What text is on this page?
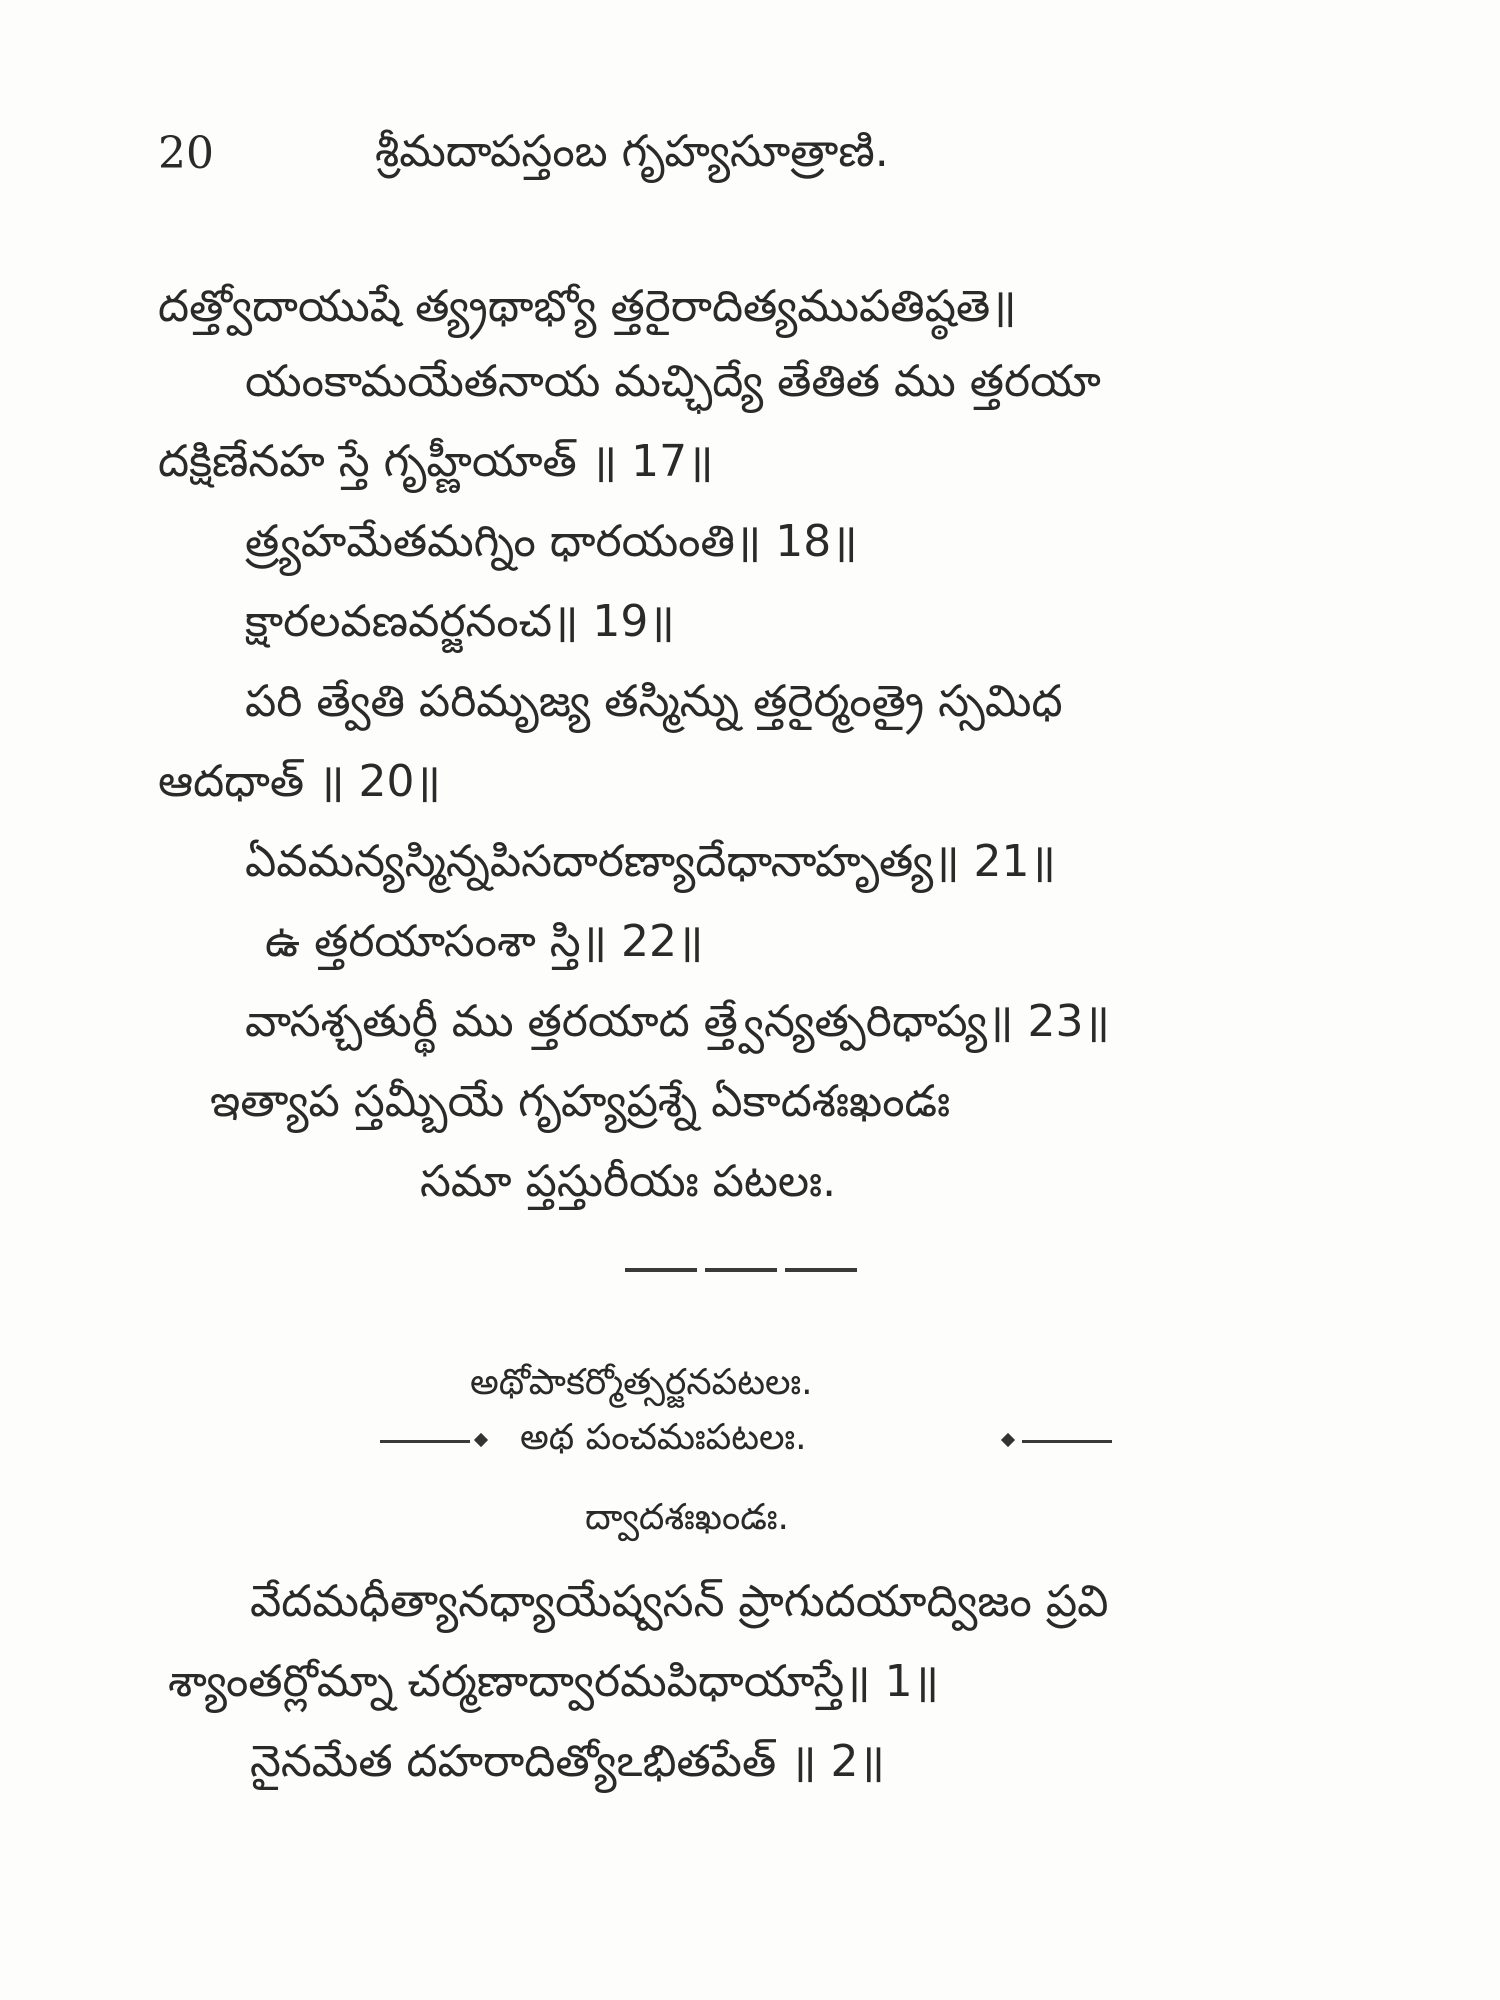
20	శ్రీమదాపస్తంబ గృహ్యసూత్రాణి.
దత్త్వోదాయుషే త్య్రథాభ్యో త్తరైరాదిత్యముపతిష్ఠతె॥
యంకామయేతనాయ మచ్ఛిద్యే తేతిత ము త్తరయా
దక్షిణేనహ స్తే గృహ్ణీయాత్ ॥ 17॥
త్ర్యహమేతమగ్నిం ధారయంతి॥ 18॥
క్షారలవణవర్జనంచ॥ 19॥
పరి త్వేతి పరిమృజ్య తస్మిన్ను త్తరైర్మంత్రై స్సమిధ
ఆదధాత్ ॥ 20॥
ఏవమన్యస్మిన్నపిసదారణ్యాదేధానాహృత్య॥ 21॥
ఉ త్తరయాసంశా స్తి॥ 22॥
వాసశ్చతుర్థీ ము త్తరయాద త్త్వేన్యత్పరిధాప్య॥ 23॥
ఇత్యాప స్తమ్బీయే గృహ్యప్రశ్నే ఏకాదశఃఖండః
సమా ప్తస్తురీయః పటలః.
అథోపాకర్మోత్సర్జనపటలః.
అథ పంచమఃపటలః.
ద్వాదశఃఖండః.
వేదమధీత్యానధ్యాయేష్వసన్ ప్రాగుదయాద్విజం ప్రవి
శ్యాంతర్లోమ్నా చర్మణాద్వారమపిధాయాస్తే॥ 1॥
నైనమేత దహరాదిత్యోఽభితపేత్ ॥ 2॥
